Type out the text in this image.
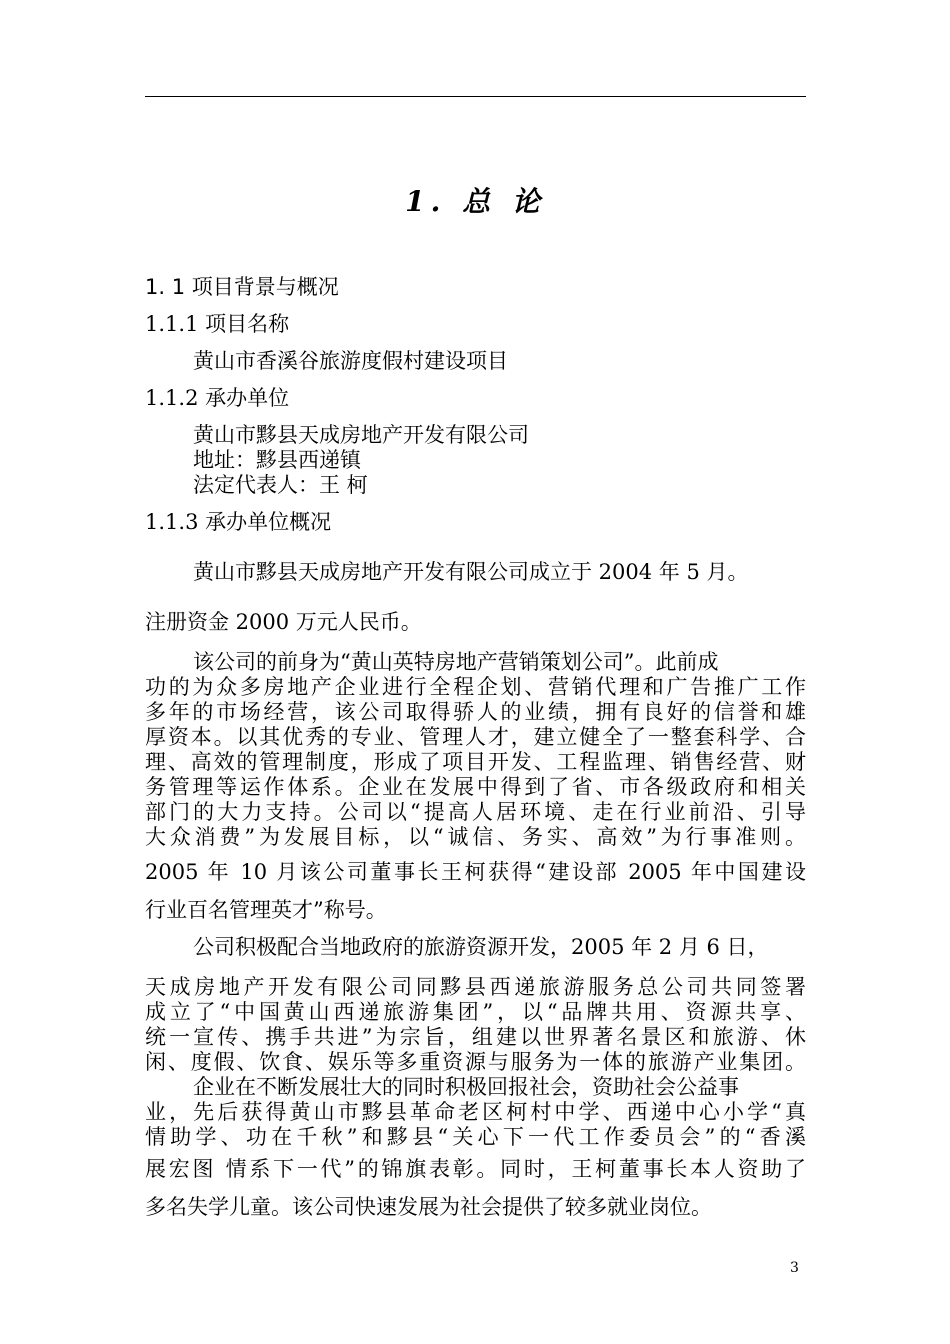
1. 总 论
1. 1 项目背景与概况
1.1.1 项目名称
黄山市香溪谷旅游度假村建设项目
1.1.2 承办单位
黄山市黟县天成房地产开发有限公司
地址：黟县西递镇
法定代表人：王 柯
1.1.3 承办单位概况
黄山市黟县天成房地产开发有限公司成立于 2004 年 5 月。
注册资金 2000 万元人民币。
该公司的前身为“黄山英特房地产营销策划公司”。此前成
功的为众多房地产企业进行全程企划、营销代理和广告推广工作
多年的市场经营，该公司取得骄人的业绩，拥有良好的信誉和雄
厚资本。以其优秀的专业、管理人才，建立健全了一整套科学、合
理、高效的管理制度，形成了项目开发、工程监理、销售经营、财
务管理等运作体系。企业在发展中得到了省、市各级政府和相关
部门的大力支持。公司以“提高人居环境、走在行业前沿、引导
大众消费”为发展目标，以“诚信、务实、高效”为行事准则。
2005 年 10 月该公司董事长王柯获得“建设部 2005 年中国建设
行业百名管理英才”称号。
公司积极配合当地政府的旅游资源开发，2005 年 2 月 6 日，
天成房地产开发有限公司同黟县西递旅游服务总公司共同签署
成立了“中国黄山西递旅游集团”，以“品牌共用、资源共享、
统一宣传、携手共进”为宗旨，组建以世界著名景区和旅游、休
闲、度假、饮食、娱乐等多重资源与服务为一体的旅游产业集团。
企业在不断发展壮大的同时积极回报社会，资助社会公益事
业，先后获得黄山市黟县革命老区柯村中学、西递中心小学“真
情助学、功在千秋”和黟县“关心下一代工作委员会”的“香溪
展宏图 情系下一代”的锦旗表彰。同时，王柯董事长本人资助了
多名失学儿童。该公司快速发展为社会提供了较多就业岗位。
3
